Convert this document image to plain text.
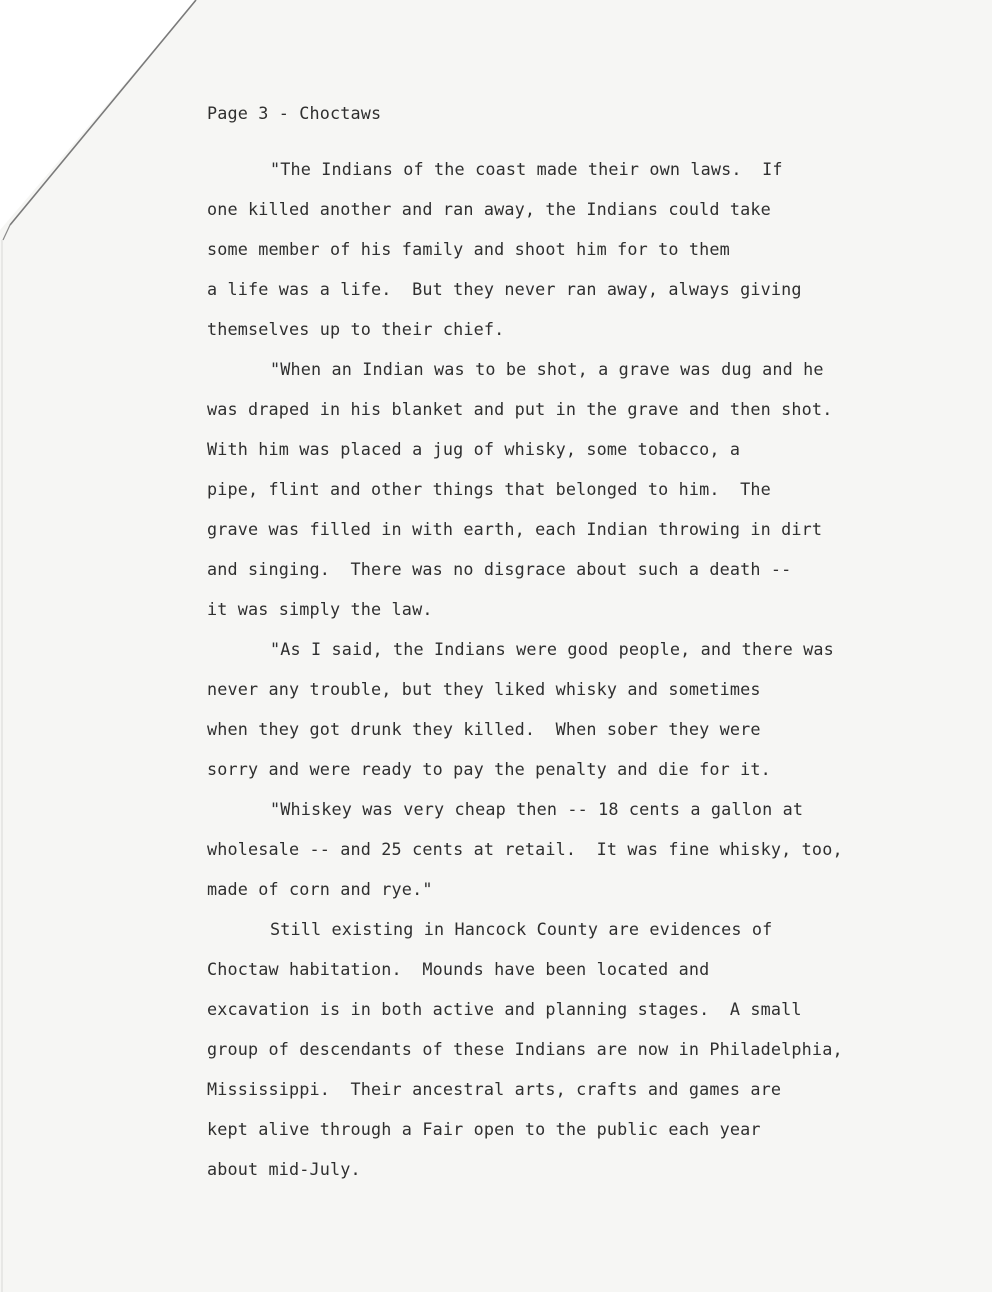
Page 3 - Choctaws
"The Indians of the coast made their own laws.  If
one killed another and ran away, the Indians could take
some member of his family and shoot him for to them
a life was a life.  But they never ran away, always giving
themselves up to their chief.
"When an Indian was to be shot, a grave was dug and he
was draped in his blanket and put in the grave and then shot.
With him was placed a jug of whisky, some tobacco, a
pipe, flint and other things that belonged to him.  The
grave was filled in with earth, each Indian throwing in dirt
and singing.  There was no disgrace about such a death --
it was simply the law.
"As I said, the Indians were good people, and there was
never any trouble, but they liked whisky and sometimes
when they got drunk they killed.  When sober they were
sorry and were ready to pay the penalty and die for it.
"Whiskey was very cheap then -- 18 cents a gallon at
wholesale -- and 25 cents at retail.  It was fine whisky, too,
made of corn and rye."
Still existing in Hancock County are evidences of
Choctaw habitation.  Mounds have been located and
excavation is in both active and planning stages.  A small
group of descendants of these Indians are now in Philadelphia,
Mississippi.  Their ancestral arts, crafts and games are
kept alive through a Fair open to the public each year
about mid-July.
